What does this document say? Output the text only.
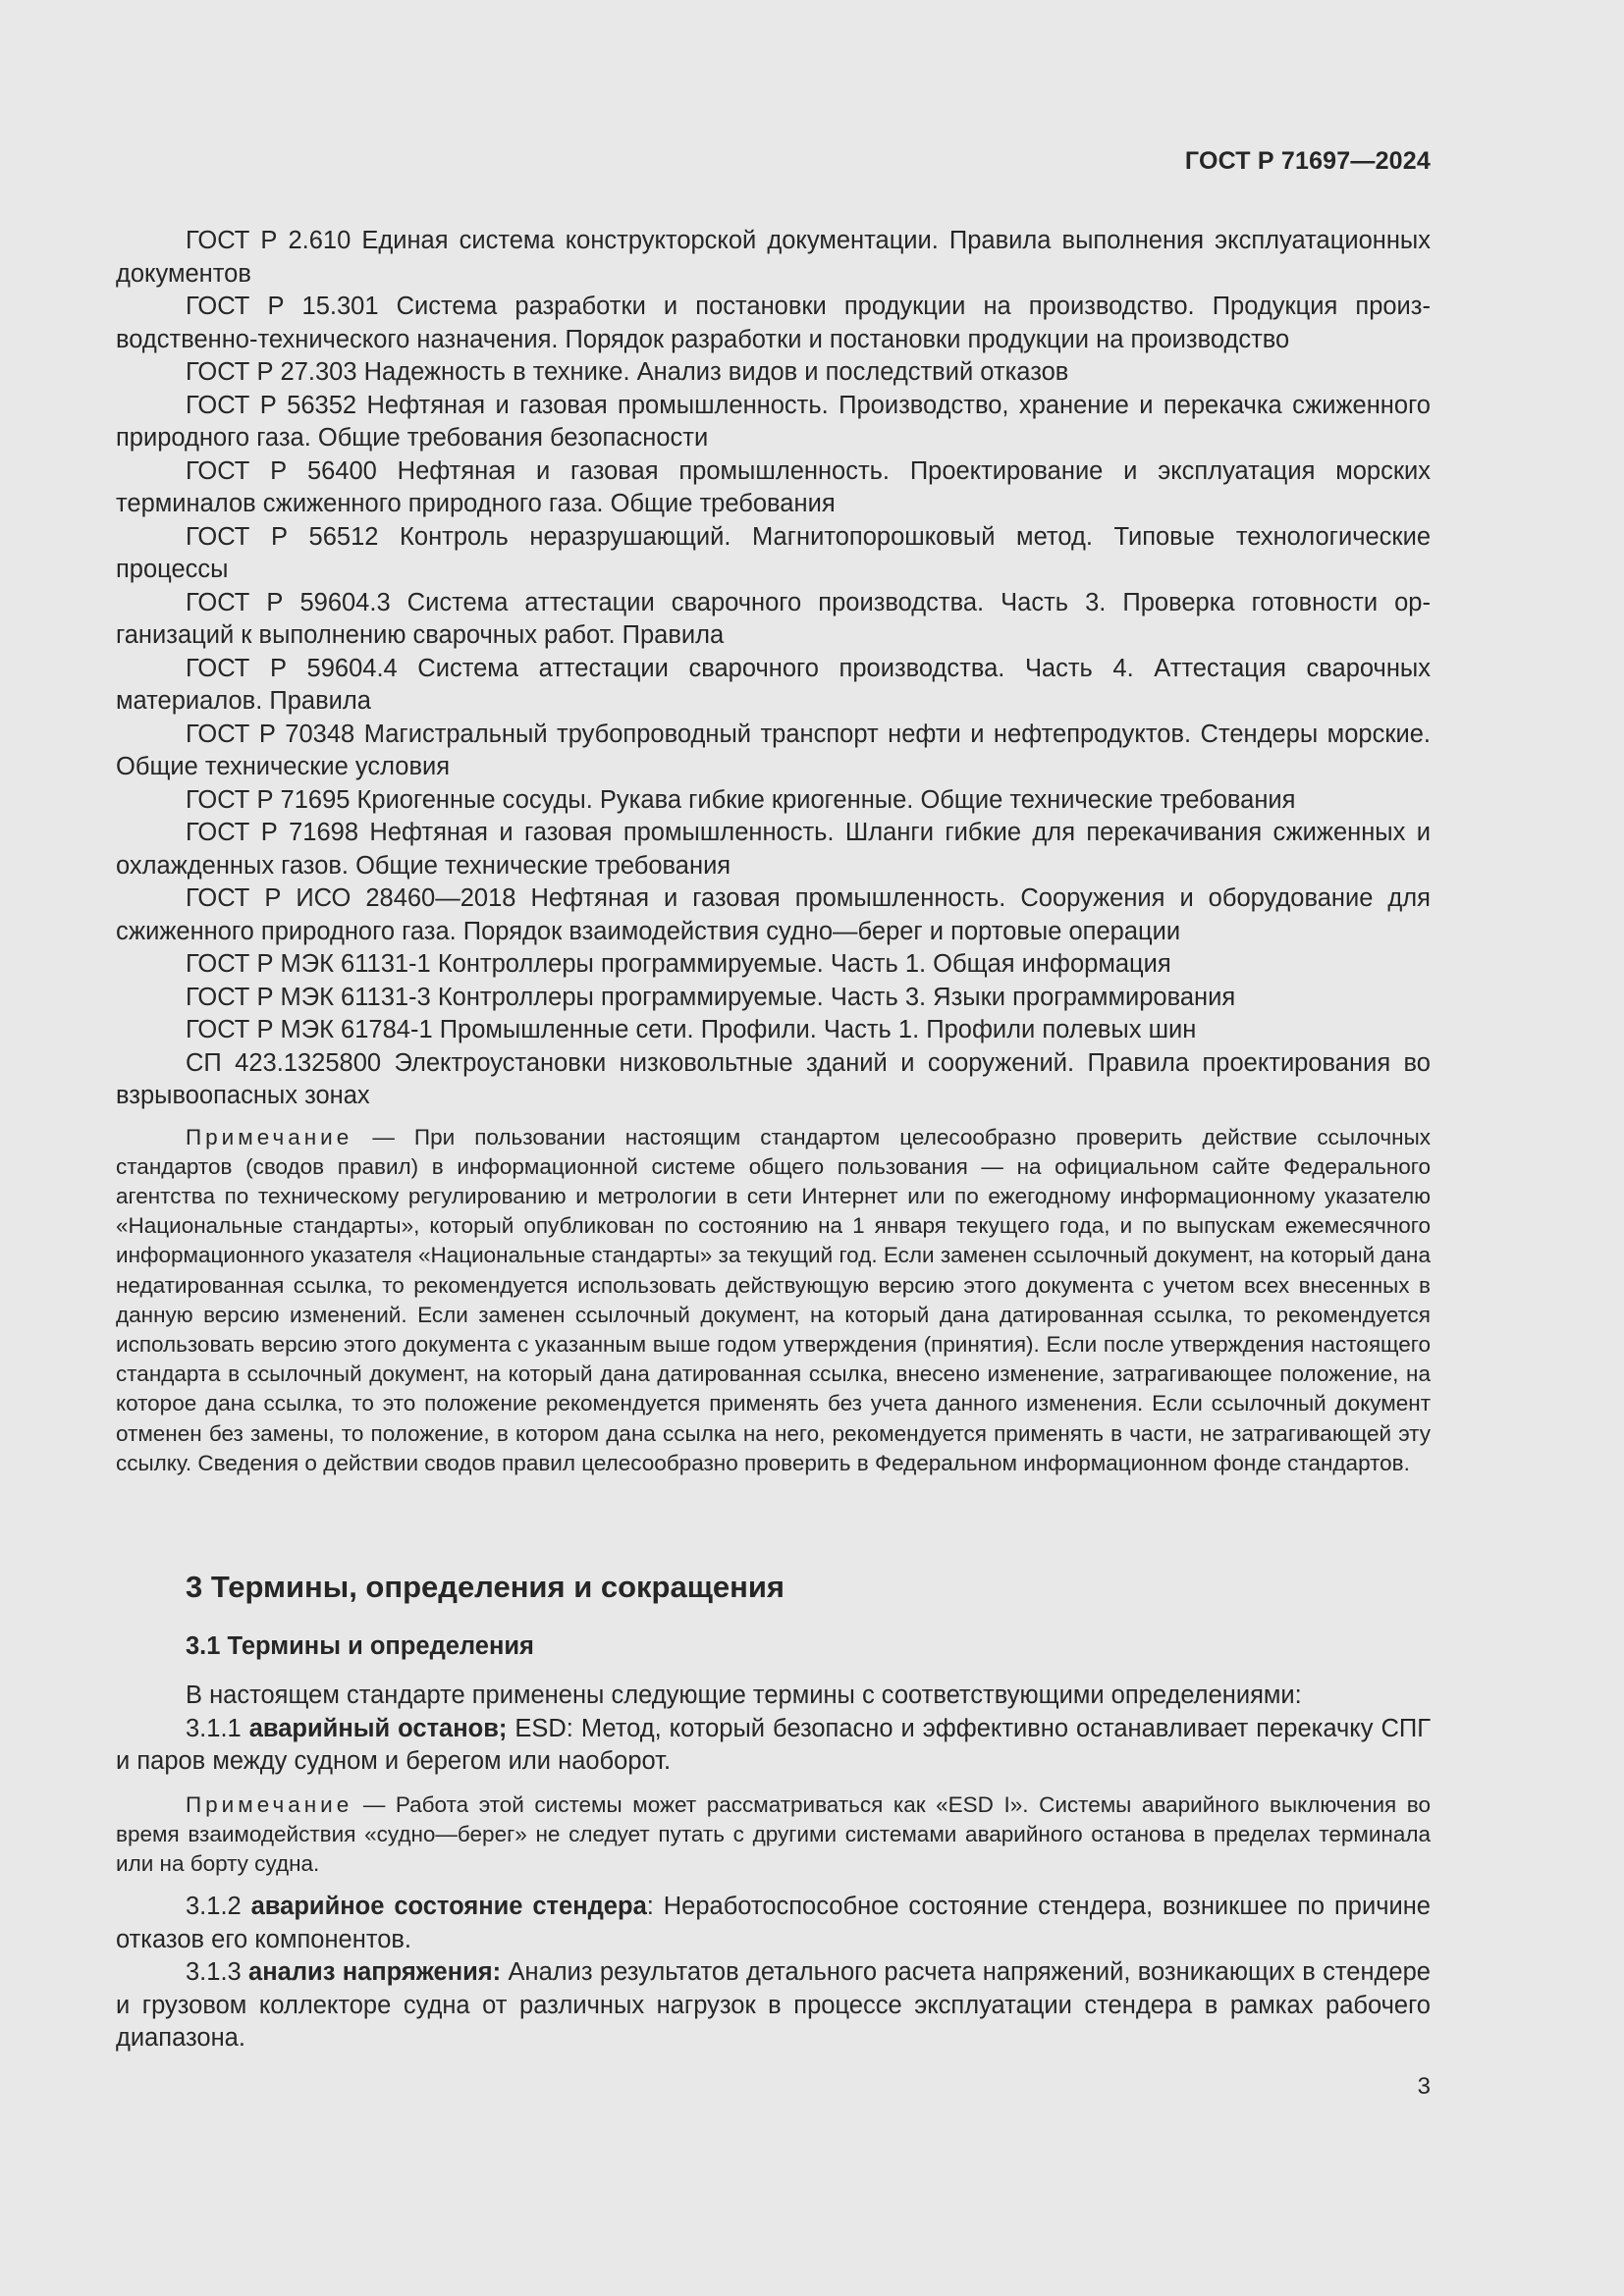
ГОСТ Р 71697—2024

ГОСТ Р 2.610 Единая система конструкторской документации. Правила выполнения эксплуатационных документов

ГОСТ Р 15.301 Система разработки и постановки продукции на производство. Продукция производственно-технического назначения. Порядок разработки и постановки продукции на производство

ГОСТ Р 27.303 Надежность в технике. Анализ видов и последствий отказов

ГОСТ Р 56352 Нефтяная и газовая промышленность. Производство, хранение и перекачка сжиженного природного газа. Общие требования безопасности

ГОСТ Р 56400 Нефтяная и газовая промышленность. Проектирование и эксплуатация морских терминалов сжиженного природного газа. Общие требования

ГОСТ Р 56512 Контроль неразрушающий. Магнитопорошковый метод. Типовые технологические процессы

ГОСТ Р 59604.3 Система аттестации сварочного производства. Часть 3. Проверка готовности организаций к выполнению сварочных работ. Правила

ГОСТ Р 59604.4 Система аттестации сварочного производства. Часть 4. Аттестация сварочных материалов. Правила

ГОСТ Р 70348 Магистральный трубопроводный транспорт нефти и нефтепродуктов. Стендеры морские. Общие технические условия

ГОСТ Р 71695 Криогенные сосуды. Рукава гибкие криогенные. Общие технические требования

ГОСТ Р 71698 Нефтяная и газовая промышленность. Шланги гибкие для перекачивания сжиженных и охлажденных газов. Общие технические требования

ГОСТ Р ИСО 28460—2018 Нефтяная и газовая промышленность. Сооружения и оборудование для сжиженного природного газа. Порядок взаимодействия судно—берег и портовые операции

ГОСТ Р МЭК 61131-1 Контроллеры программируемые. Часть 1. Общая информация

ГОСТ Р МЭК 61131-3 Контроллеры программируемые. Часть 3. Языки программирования

ГОСТ Р МЭК 61784-1 Промышленные сети. Профили. Часть 1. Профили полевых шин

СП 423.1325800 Электроустановки низковольтные зданий и сооружений. Правила проектирования во взрывоопасных зонах

Примечание — При пользовании настоящим стандартом целесообразно проверить действие ссылочных стандартов (сводов правил) в информационной системе общего пользования — на официальном сайте Федерального агентства по техническому регулированию и метрологии в сети Интернет или по ежегодному информационному указателю «Национальные стандарты», который опубликован по состоянию на 1 января текущего года, и по выпускам ежемесячного информационного указателя «Национальные стандарты» за текущий год. Если заменен ссылочный документ, на который дана недатированная ссылка, то рекомендуется использовать действующую версию этого документа с учетом всех внесенных в данную версию изменений. Если заменен ссылочный документ, на который дана датированная ссылка, то рекомендуется использовать версию этого документа с указанным выше годом утверждения (принятия). Если после утверждения настоящего стандарта в ссылочный документ, на который дана датированная ссылка, внесено изменение, затрагивающее положение, на которое дана ссылка, то это положение рекомендуется применять без учета данного изменения. Если ссылочный документ отменен без замены, то положение, в котором дана ссылка на него, рекомендуется применять в части, не затрагивающей эту ссылку. Сведения о действии сводов правил целесообразно проверить в Федеральном информационном фонде стандартов.

3 Термины, определения и сокращения
3.1 Термины и определения

В настоящем стандарте применены следующие термины с соответствующими определениями:

3.1.1 аварийный останов; ESD: Метод, который безопасно и эффективно останавливает перекачку СПГ и паров между судном и берегом или наоборот.

Примечание — Работа этой системы может рассматриваться как «ESD I». Системы аварийного выключения во время взаимодействия «судно—берег» не следует путать с другими системами аварийного останова в пределах терминала или на борту судна.

3.1.2 аварийное состояние стендера: Неработоспособное состояние стендера, возникшее по причине отказов его компонентов.

3.1.3 анализ напряжения: Анализ результатов детального расчета напряжений, возникающих в стендере и грузовом коллекторе судна от различных нагрузок в процессе эксплуатации стендера в рамках рабочего диапазона.

3
